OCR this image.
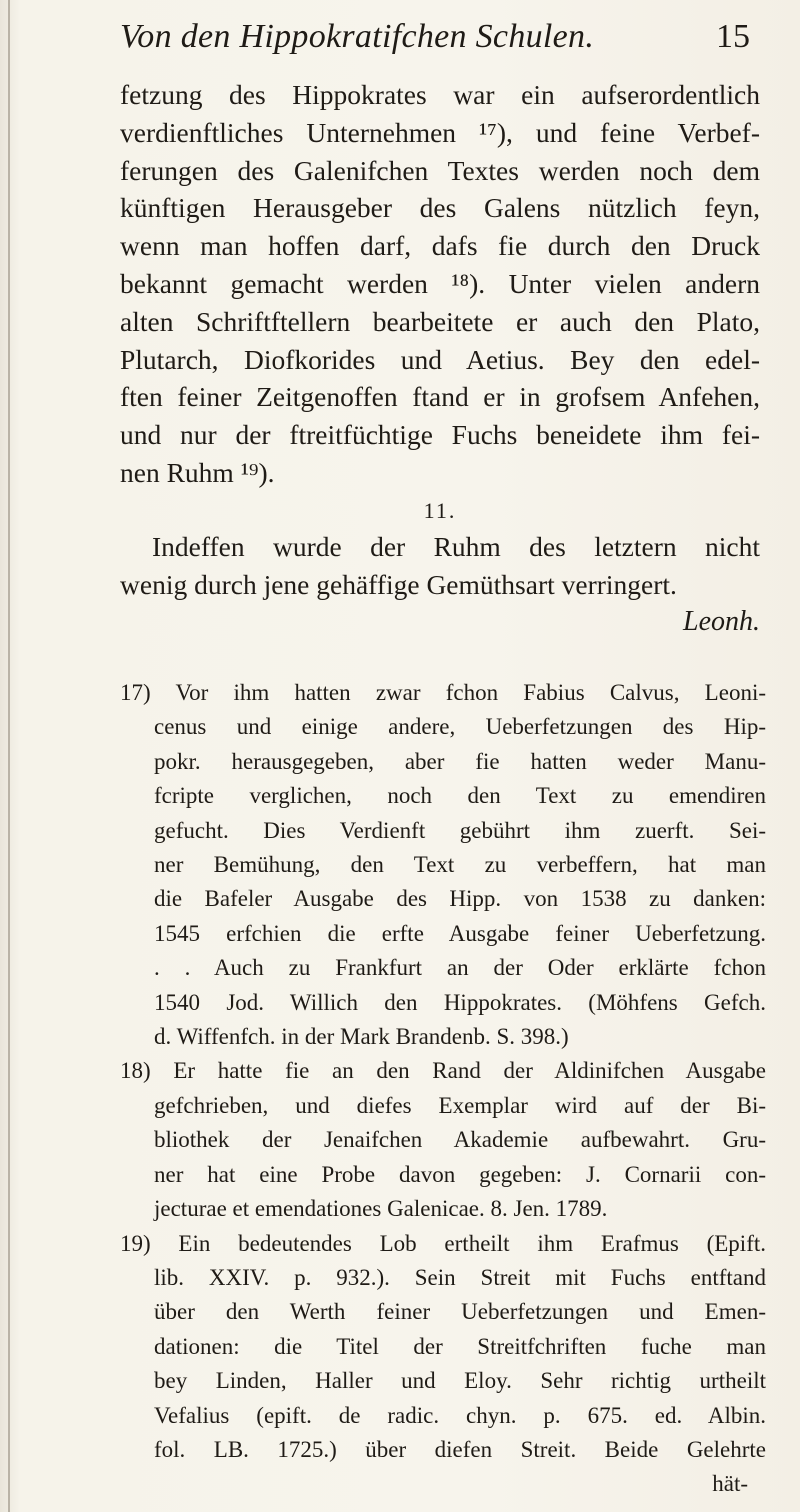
Von den Hippokratifchen Schulen.	15
fetzung des Hippokrates war ein aufserordentlich
verdienftliches Unternehmen ¹⁷), und feine Verbef-
ferungen des Galenifchen Textes werden noch dem
künftigen Herausgeber des Galens nützlich feyn,
wenn man hoffen darf, dafs fie durch den Druck
bekannt gemacht werden ¹⁸). Unter vielen andern
alten Schriftftellern bearbeitete er auch den Plato,
Plutarch, Diofkorides und Aetius. Bey den edel-
ften feiner Zeitgenoffen ftand er in grofsem Anfehen,
und nur der ftreitfüchtige Fuchs beneidete ihm fei-
nen Ruhm ¹⁹).
11.
Indeffen wurde der Ruhm des letztern nicht
wenig durch jene gehäffige Gemüthsart verringert.
Leonh.
17) Vor ihm hatten zwar fchon Fabius Calvus, Leoni-
cenus und einige andere, Ueberfetzungen des Hip-
pokr. herausgegeben, aber fie hatten weder Manu-
fcripte verglichen, noch den Text zu emendiren
gefucht. Dies Verdienft gebührt ihm zuerft. Sei-
ner Bemühung, den Text zu verbeffern, hat man
die Bafeler Ausgabe des Hipp. von 1538 zu danken:
1545 erfchien die erfte Ausgabe feiner Ueberfetzung.
. . Auch zu Frankfurt an der Oder erklärte fchon
1540 Jod. Willich den Hippokrates. (Möhfens Gefch.
d. Wiffenfch. in der Mark Brandenb. S. 398.)
18) Er hatte fie an den Rand der Aldinifchen Ausgabe
gefchrieben, und diefes Exemplar wird auf der Bi-
bliothek der Jenaifchen Akademie aufbewahrt. Gru-
ner hat eine Probe davon gegeben: J. Cornarii con-
jecturae et emendationes Galenicae. 8. Jen. 1789.
19) Ein bedeutendes Lob ertheilt ihm Erafmus (Epift.
lib. XXIV. p. 932.). Sein Streit mit Fuchs entftand
über den Werth feiner Ueberfetzungen und Emen-
dationen: die Titel der Streitfchriften fuche man
bey Linden, Haller und Eloy. Sehr richtig urtheilt
Vefalius (epift. de radic. chyn. p. 675. ed. Albin.
fol. LB. 1725.) über diefen Streit. Beide Gelehrte
hät-
